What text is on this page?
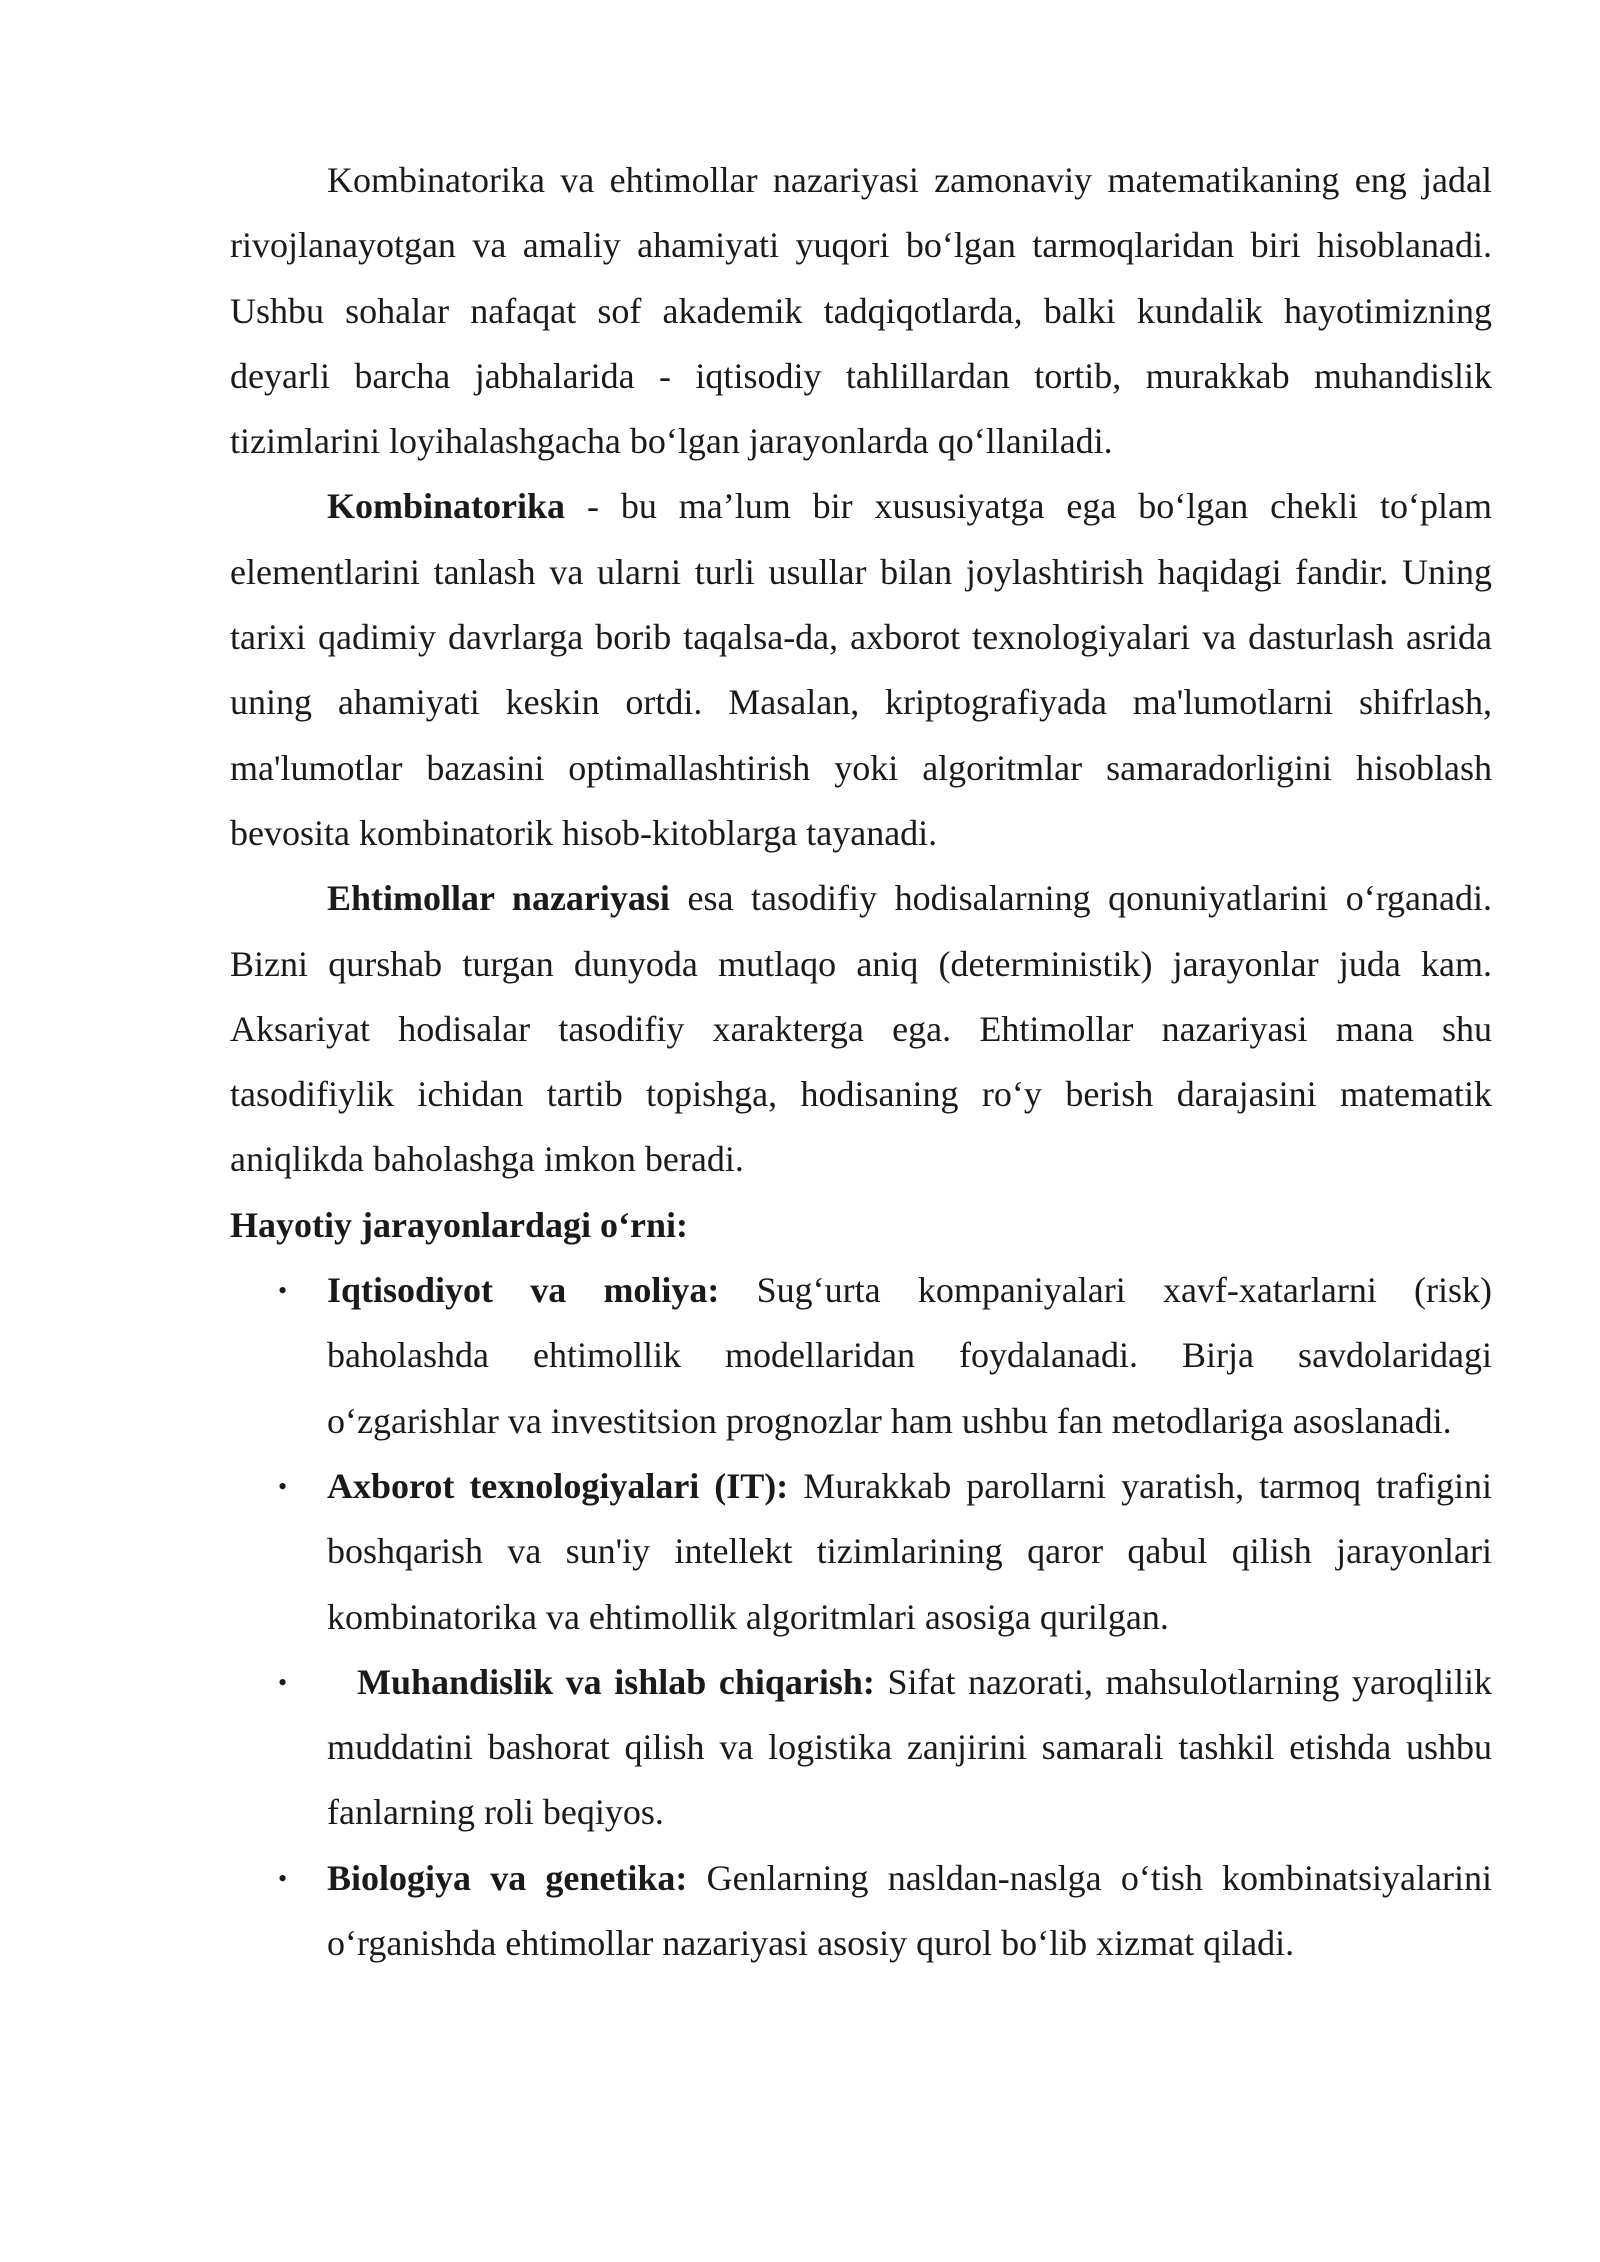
Kombinatorika va ehtimollar nazariyasi zamonaviy matematikaning eng jadal rivojlanayotgan va amaliy ahamiyati yuqori bo‘lgan tarmoqlaridan biri hisoblanadi. Ushbu sohalar nafaqat sof akademik tadqiqotlarda, balki kundalik hayotimizning deyarli barcha jabhalarida - iqtisodiy tahlillardan tortib, murakkab muhandislik tizimlarini loyihalashgacha bo‘lgan jarayonlarda qo‘llaniladi.

Kombinatorika - bu ma’lum bir xususiyatga ega bo‘lgan chekli to‘plam elementlarini tanlash va ularni turli usullar bilan joylashtirish haqidagi fandir. Uning tarixi qadimiy davrlarga borib taqalsa-da, axborot texnologiyalari va dasturlash asrida uning ahamiyati keskin ortdi. Masalan, kriptografiyada ma'lumotlarni shifrlash, ma'lumotlar bazasini optimallashtirish yoki algoritmlar samaradorligini hisoblash bevosita kombinatorik hisob-kitoblarga tayanadi.

Ehtimollar nazariyasi esa tasodifiy hodisalarning qonuniyatlarini o‘rganadi. Bizni qurshab turgan dunyoda mutlaqo aniq (deterministik) jarayonlar juda kam. Aksariyat hodisalar tasodifiy xarakterga ega. Ehtimollar nazariyasi mana shu tasodifiylik ichidan tartib topishga, hodisaning ro‘y berish darajasini matematik aniqlikda baholashga imkon beradi.

Hayotiy jarayonlardagi o‘rni:

• Iqtisodiyot va moliya: Sug‘urta kompaniyalari xavf-xatarlarni (risk) baholashda ehtimollik modellaridan foydalanadi. Birja savdolaridagi o‘zgarishlar va investitsion prognozlar ham ushbu fan metodlariga asoslanadi.
• Axborot texnologiyalari (IT): Murakkab parollarni yaratish, tarmoq trafigini boshqarish va sun'iy intellekt tizimlarining qaror qabul qilish jarayonlari kombinatorika va ehtimollik algoritmlari asosiga qurilgan.
• Muhandislik va ishlab chiqarish: Sifat nazorati, mahsulotlarning yaroqlilik muddatini bashorat qilish va logistika zanjirini samarali tashkil etishda ushbu fanlarning roli beqiyos.
• Biologiya va genetika: Genlarning nasldan-naslga o‘tish kombinatsiyalarini o‘rganishda ehtimollar nazariyasi asosiy qurol bo‘lib xizmat qiladi.
